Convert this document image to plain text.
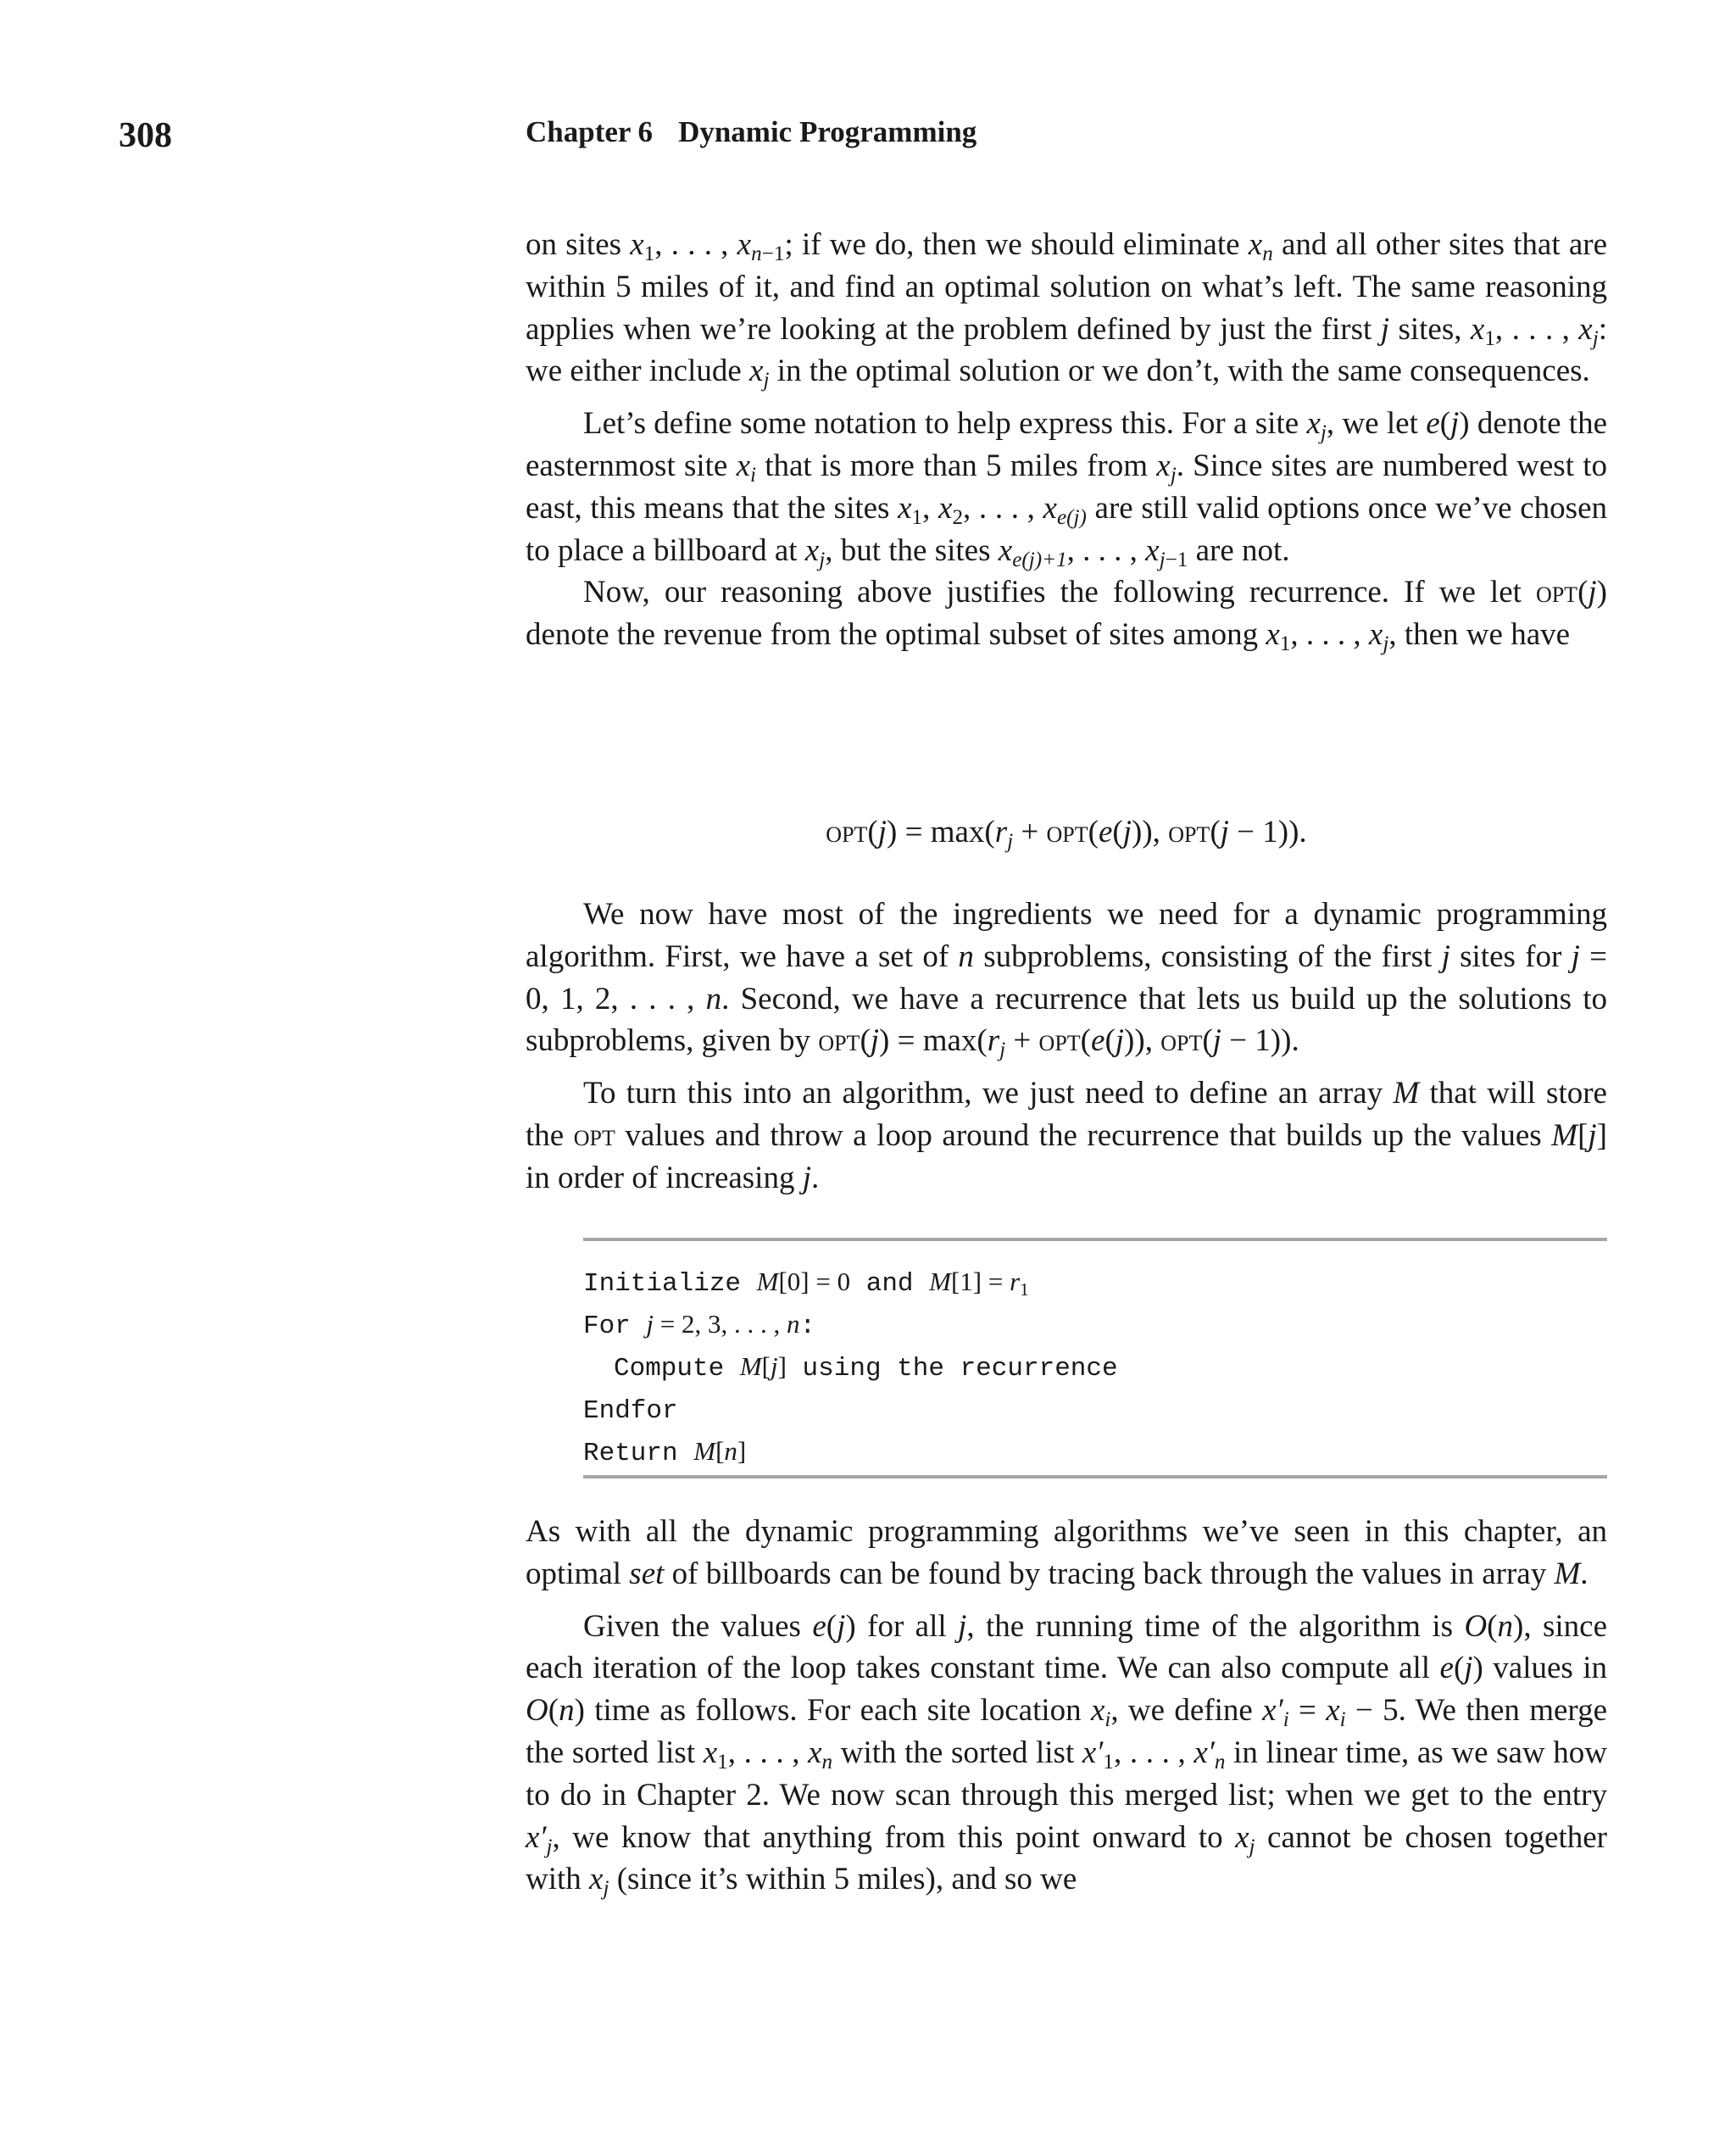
308	Chapter 6 Dynamic Programming

on sites $x_1$, . . . , $x_{n-1}$; if we do, then we should eliminate $x_n$ and all other sites that are within 5 miles of it, and find an optimal solution on what’s left. The same reasoning applies when we’re looking at the problem defined by just the first j sites, $x_1$, . . . , $x_j$: we either include $x_j$ in the optimal solution or we don’t, with the same consequences.

Let’s define some notation to help express this. For a site $x_j$, we let e(j) denote the easternmost site $x_i$ that is more than 5 miles from $x_j$. Since sites are numbered west to east, this means that the sites $x_1$, $x_2$, . . . , $x_{e(j)}$ are still valid options once we’ve chosen to place a billboard at $x_j$, but the sites $x_{e(j)+1}$, . . . , $x_{j-1}$ are not.

Now, our reasoning above justifies the following recurrence. If we let opt(j) denote the revenue from the optimal subset of sites among $x_1$, . . . , $x_j$, then we have

$opt(j) = \max(r_j + opt(e(j))$, opt(j − 1)).

We now have most of the ingredients we need for a dynamic programming algorithm. First, we have a set of n subproblems, consisting of the first j sites for j = 0, 1, 2, . . . , n. Second, we have a recurrence that lets us build up the solutions to subproblems, given by $opt(j) = \max(r_j + opt(e(j))$, opt(j − 1)).

To turn this into an algorithm, we just need to define an array M that will store the opt values and throw a loop around the recurrence that builds up the values M[j] in order of increasing j.

Initialize M[0] = 0 and $M[1] = r_1$
For j = 2, 3, . . . , n:
Compute M[j] using the recurrence
Endfor
Return M[n]

As with all the dynamic programming algorithms we’ve seen in this chapter, an optimal set of billboards can be found by tracing back through the values in array M.

Given the values e(j) for all j, the running time of the algorithm is O(n), since each iteration of the loop takes constant time. We can also compute all e(j) values in O(n) time as follows. For each site location $x_i$, we define $x'_i = x_i - 5$. We then merge the sorted list $x_1$, . . . , $x_n$ with the sorted list $x'_1$, . . . , $x'_n$ in linear time, as we saw how to do in Chapter 2. We now scan through this merged list; when we get to the entry $x'_j$, we know that anything from this point onward to $x_j$ cannot be chosen together with $x_j$ (since it’s within 5 miles), and so we
